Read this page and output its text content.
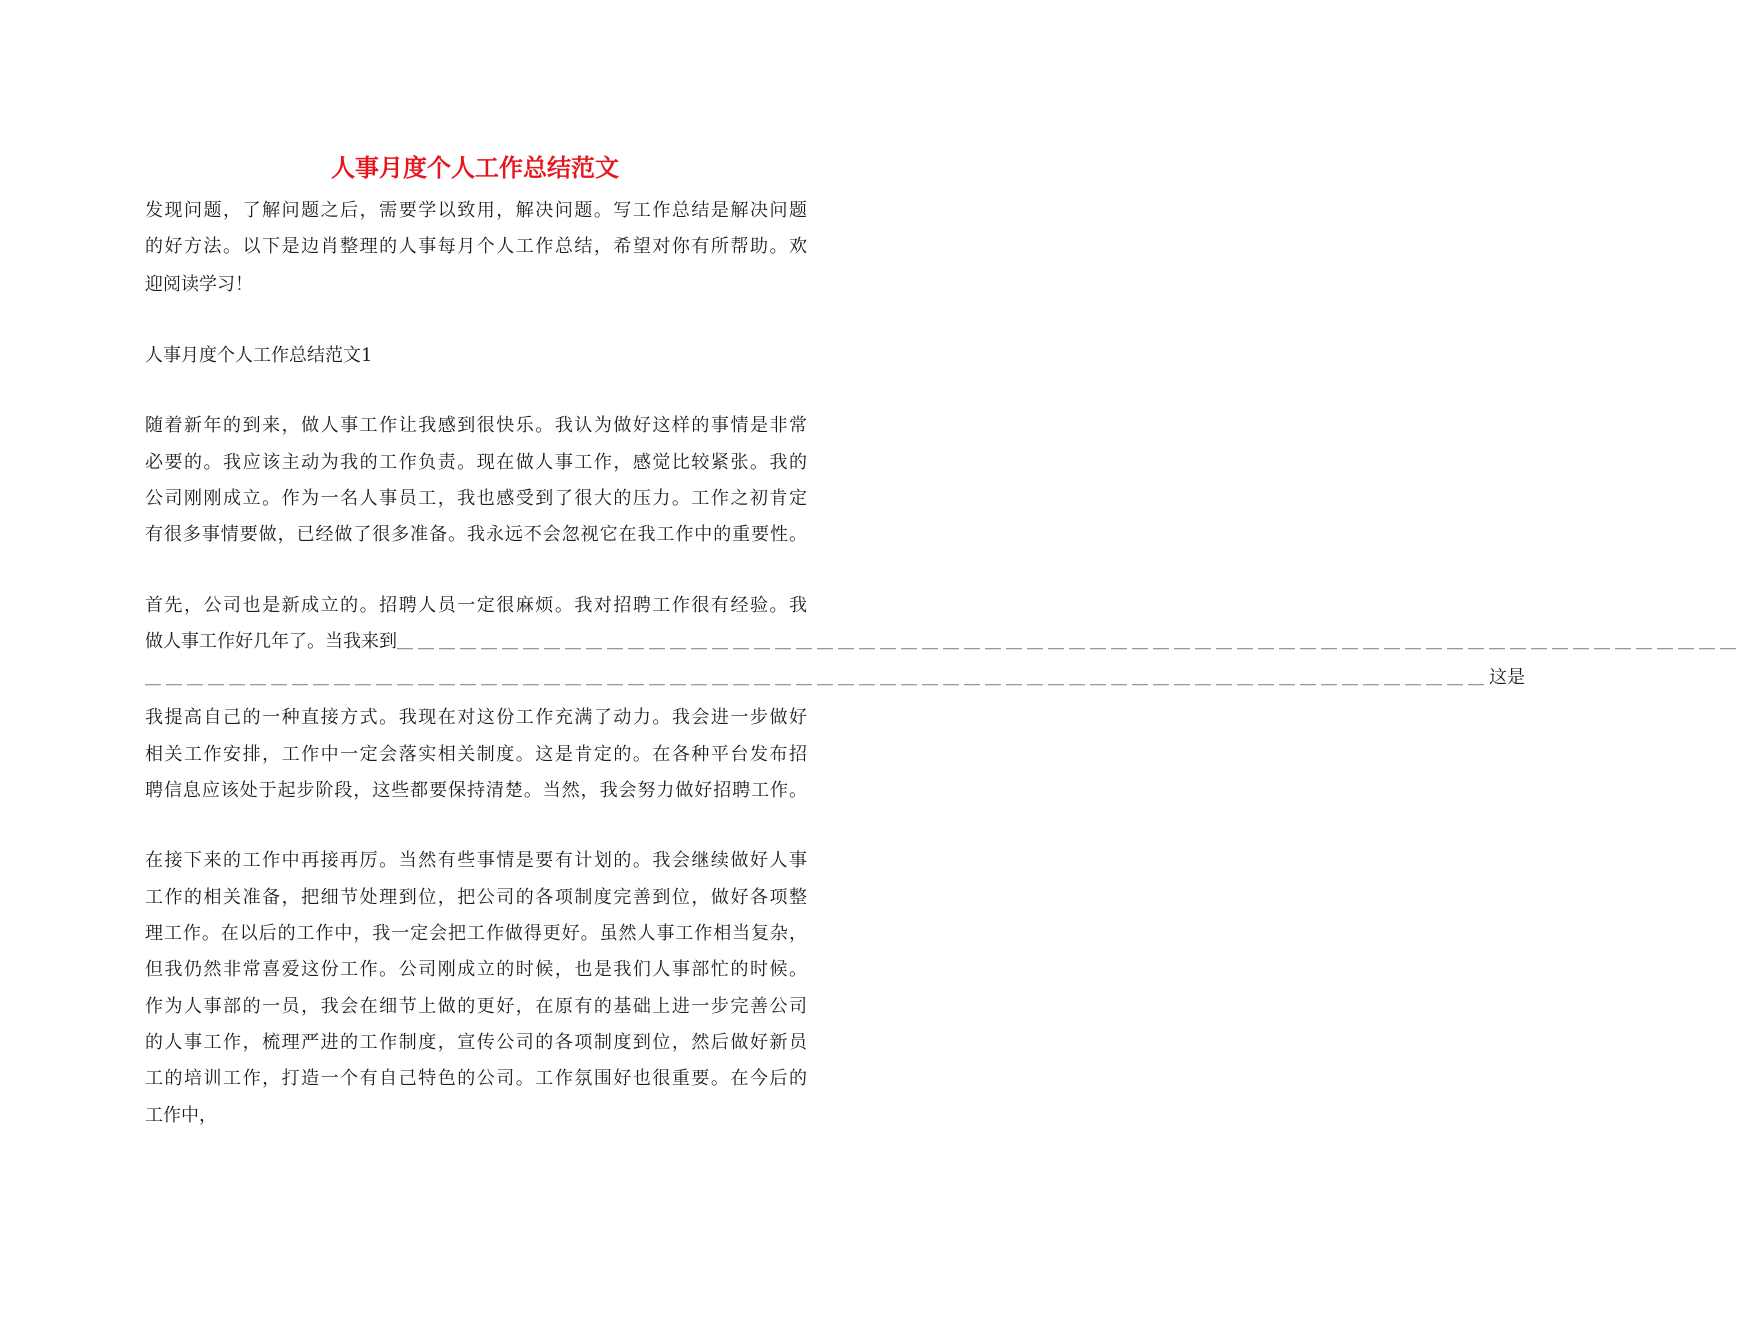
人事月度个人工作总结范文

发现问题，了解问题之后，需要学以致用，解决问题。写工作总结是解决问题

的好方法。以下是边肖整理的人事每月个人工作总结，希望对你有所帮助。欢

迎阅读学习！

人事月度个人工作总结范文1

随着新年的到来，做人事工作让我感到很快乐。我认为做好这样的事情是非常

必要的。我应该主动为我的工作负责。现在做人事工作，感觉比较紧张。我的

公司刚刚成立。作为一名人事员工，我也感受到了很大的压力。工作之初肯定

有很多事情要做，已经做了很多准备。我永远不会忽视它在我工作中的重要性。

首先，公司也是新成立的。招聘人员一定很麻烦。我对招聘工作很有经验。我

做人事工作好几年了。当我来到 ＿＿＿＿＿＿＿＿＿＿＿＿＿＿＿＿＿＿＿＿＿＿＿＿＿＿＿＿＿＿＿＿＿＿＿＿＿＿＿＿＿＿＿＿＿＿＿＿＿＿＿＿＿＿＿＿＿＿＿＿＿＿＿＿
＿＿＿＿＿＿＿＿＿＿＿＿＿＿＿＿＿＿＿＿＿＿＿＿＿＿＿＿＿＿＿＿＿＿＿＿＿＿＿＿＿＿＿＿＿＿＿＿＿＿＿＿＿＿＿＿＿＿＿＿＿＿＿＿ 这是

我提高自己的一种直接方式。我现在对这份工作充满了动力。我会进一步做好

相关工作安排，工作中一定会落实相关制度。这是肯定的。在各种平台发布招

聘信息应该处于起步阶段，这些都要保持清楚。当然，我会努力做好招聘工作。

在接下来的工作中再接再厉。当然有些事情是要有计划的。我会继续做好人事

工作的相关准备，把细节处理到位，把公司的各项制度完善到位，做好各项整

理工作。在以后的工作中，我一定会把工作做得更好。虽然人事工作相当复杂，

但我仍然非常喜爱这份工作。公司刚成立的时候，也是我们人事部忙的时候。

作为人事部的一员，我会在细节上做的更好，在原有的基础上进一步完善公司

的人事工作，梳理严进的工作制度，宣传公司的各项制度到位，然后做好新员

工的培训工作，打造一个有自己特色的公司。工作氛围好也很重要。在今后的

工作中，
